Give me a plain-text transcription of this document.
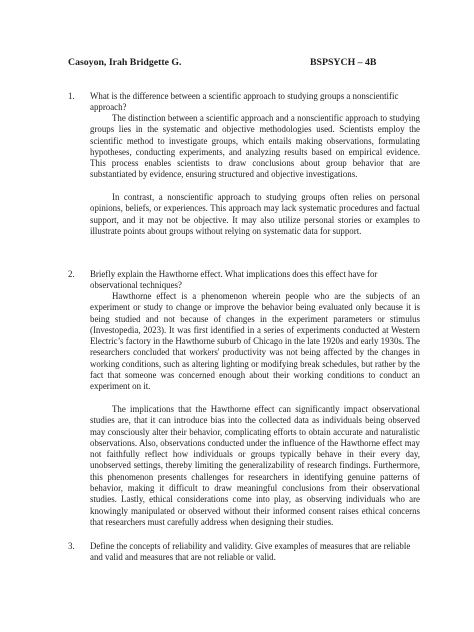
Casoyon, Irah Bridgette G.	BSPSYCH – 4B
1. What is the difference between a scientific approach to studying groups a nonscientific approach?
The distinction between a scientific approach and a nonscientific approach to studying groups lies in the systematic and objective methodologies used. Scientists employ the scientific method to investigate groups, which entails making observations, formulating hypotheses, conducting experiments, and analyzing results based on empirical evidence. This process enables scientists to draw conclusions about group behavior that are substantiated by evidence, ensuring structured and objective investigations.
In contrast, a nonscientific approach to studying groups often relies on personal opinions, beliefs, or experiences. This approach may lack systematic procedures and factual support, and it may not be objective. It may also utilize personal stories or examples to illustrate points about groups without relying on systematic data for support.
2. Briefly explain the Hawthorne effect. What implications does this effect have for observational techniques?
Hawthorne effect is a phenomenon wherein people who are the subjects of an experiment or study to change or improve the behavior being evaluated only because it is being studied and not because of changes in the experiment parameters or stimulus (Investopedia, 2023). It was first identified in a series of experiments conducted at Western Electric’s factory in the Hawthorne suburb of Chicago in the late 1920s and early 1930s. The researchers concluded that workers' productivity was not being affected by the changes in working conditions, such as altering lighting or modifying break schedules, but rather by the fact that someone was concerned enough about their working conditions to conduct an experiment on it.
The implications that the Hawthorne effect can significantly impact observational studies are, that it can introduce bias into the collected data as individuals being observed may consciously alter their behavior, complicating efforts to obtain accurate and naturalistic observations. Also, observations conducted under the influence of the Hawthorne effect may not faithfully reflect how individuals or groups typically behave in their every day, unobserved settings, thereby limiting the generalizability of research findings. Furthermore, this phenomenon presents challenges for researchers in identifying genuine patterns of behavior, making it difficult to draw meaningful conclusions from their observational studies. Lastly, ethical considerations come into play, as observing individuals who are knowingly manipulated or observed without their informed consent raises ethical concerns that researchers must carefully address when designing their studies.
3. Define the concepts of reliability and validity. Give examples of measures that are reliable and valid and measures that are not reliable or valid.
